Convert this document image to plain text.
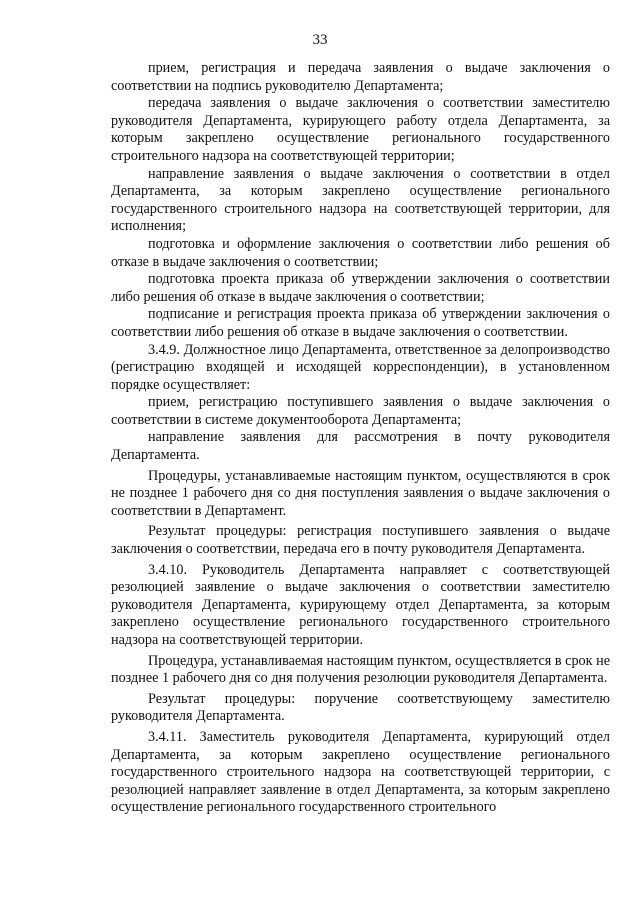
33

прием, регистрация и передача заявления о выдаче заключения о соответствии на подпись руководителю Департамента;

передача заявления о выдаче заключения о соответствии заместителю руководителя Департамента, курирующего работу отдела Департамента, за которым закреплено осуществление регионального государственного строительного надзора на соответствующей территории;

направление заявления о выдаче заключения о соответствии в отдел Департамента, за которым закреплено осуществление регионального государственного строительного надзора на соответствующей территории, для исполнения;

подготовка и оформление заключения о соответствии либо решения об отказе в выдаче заключения о соответствии;

подготовка проекта приказа об утверждении заключения о соответствии либо решения об отказе в выдаче заключения о соответствии;

подписание и регистрация проекта приказа об утверждении заключения о соответствии либо решения об отказе в выдаче заключения о соответствии.

3.4.9. Должностное лицо Департамента, ответственное за делопроизводство (регистрацию входящей и исходящей корреспонденции), в установленном порядке осуществляет:

прием, регистрацию поступившего заявления о выдаче заключения о соответствии в системе документооборота Департамента;

направление заявления для рассмотрения в почту руководителя Департамента.

Процедуры, устанавливаемые настоящим пунктом, осуществляются в срок не позднее 1 рабочего дня со дня поступления заявления о выдаче заключения о соответствии в Департамент.

Результат процедуры: регистрация поступившего заявления о выдаче заключения о соответствии, передача его в почту руководителя Департамента.

3.4.10. Руководитель Департамента направляет с соответствующей резолюцией заявление о выдаче заключения о соответствии заместителю руководителя Департамента, курирующему отдел Департамента, за которым закреплено осуществление регионального государственного строительного надзора на соответствующей территории.

Процедура, устанавливаемая настоящим пунктом, осуществляется в срок не позднее 1 рабочего дня со дня получения резолюции руководителя Департамента.

Результат процедуры: поручение соответствующему заместителю руководителя Департамента.

3.4.11. Заместитель руководителя Департамента, курирующий отдел Департамента, за которым закреплено осуществление региональногo государственного строительного надзора на соответствующей территории, с резолюцией направляет заявление в отдел Департамента, за которым закреплено осуществление регионального государственного строительного
